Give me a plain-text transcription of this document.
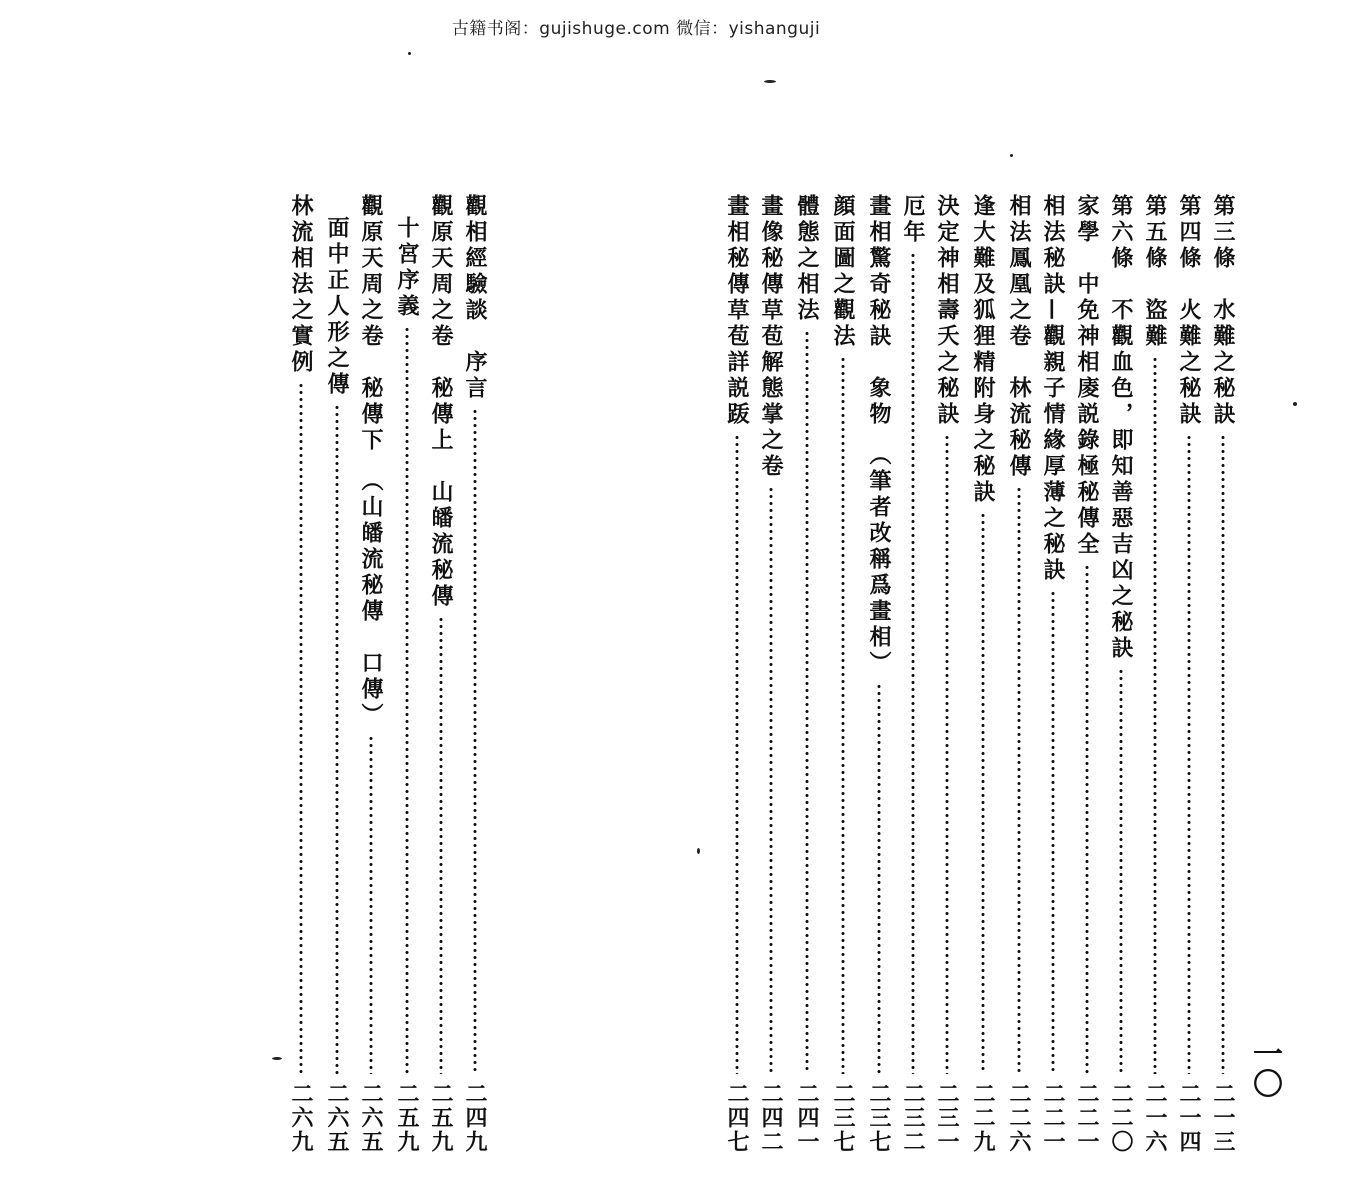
古籍书阁：gujishuge.com 微信：yishanguji
一〇
第三條　水難之秘訣
二一三
第四條　火難之秘訣
二一四
第五條　盜難
二一六
第六條　不觀血色，即知善惡吉凶之秘訣
二二〇
家學　中免神相庱説錄極秘傳全
二二一
相法秘訣—觀親子情緣厚薄之秘訣
二二一
相法鳳凰之卷　林流秘傳
二二六
逢大難及狐狸精附身之秘訣
二二九
決定神相壽夭之秘訣
二三一
厄年
二三二
畫相驚奇秘訣　象物　（筆者改稱爲畫相）
二三七
顔面圖之觀法
二三七
體態之相法
二四一
畫像秘傳草苞解態掌之卷
二四二
畫相秘傳草苞詳説䟦
二四七
觀相經驗談　序言
二四九
觀原天周之卷　秘傳上　山皤流秘傳
二五九
十宮序義
二五九
觀原天周之卷　秘傳下　（山皤流秘傳　口傳）
二六五
面中正人形之傳
二六五
林流相法之實例
二六九
